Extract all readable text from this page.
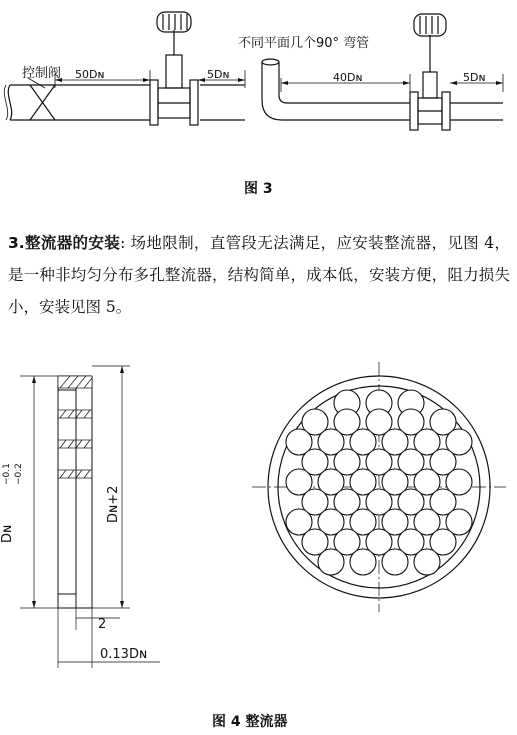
控制阀 50Dɴ	5Dɴ
不同平面几个90° 弯管
40Dɴ	5Dɴ
图 3
3.整流器的安装: 场地限制，直管段无法满足，应安装整流器，见图 4，是一种非均匀分布多孔整流器，结构简单，成本低，安装方便，阻力损失小，安装见图 5。
Dɴ
−0.1 −0.2
Dɴ+2
2
0.13Dɴ
图 4 整流器
